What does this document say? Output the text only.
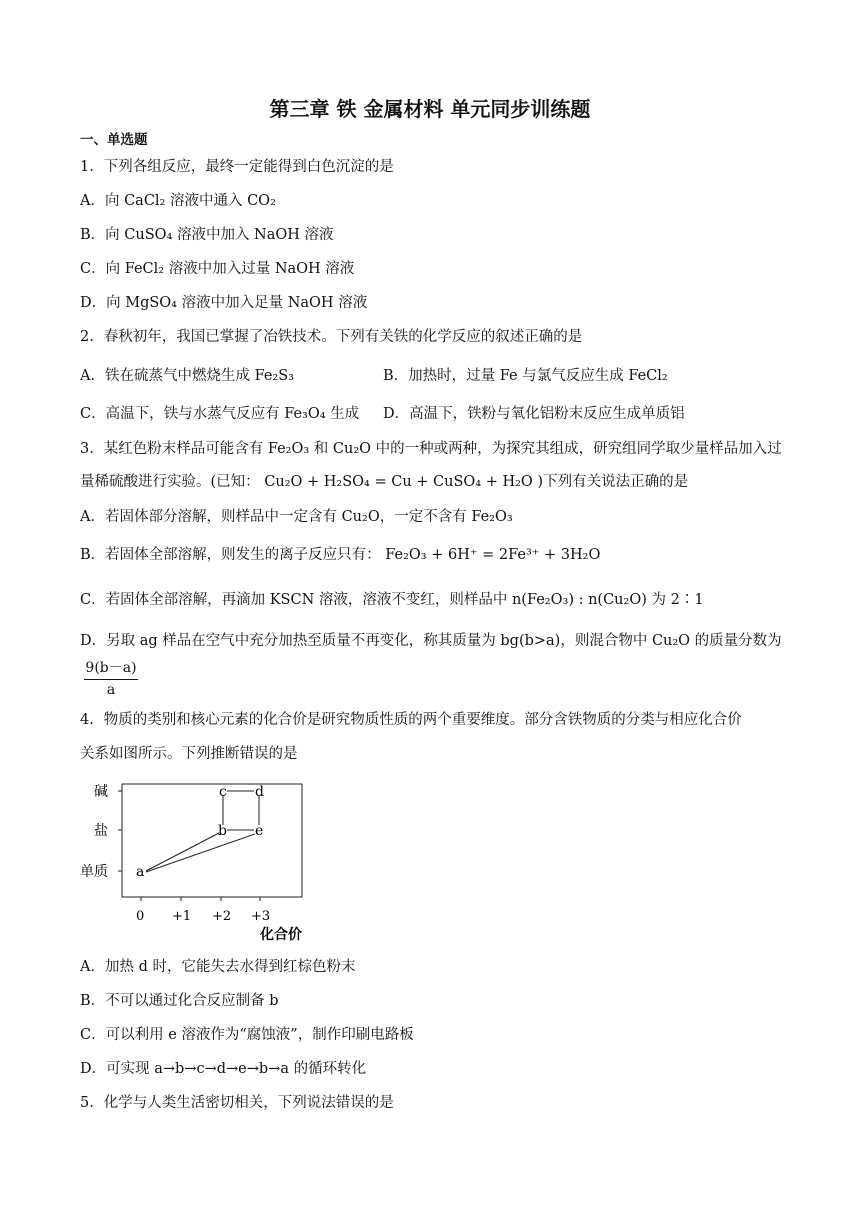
第三章 铁 金属材料 单元同步训练题
一、单选题
1．下列各组反应，最终一定能得到白色沉淀的是
A．向 CaCl₂ 溶液中通入 CO₂
B．向 CuSO₄ 溶液中加入 NaOH 溶液
C．向 FeCl₂ 溶液中加入过量 NaOH 溶液
D．向 MgSO₄ 溶液中加入足量 NaOH 溶液
2．春秋初年，我国已掌握了冶铁技术。下列有关铁的化学反应的叙述正确的是
A．铁在硫蒸气中燃烧生成 Fe₂S₃	B．加热时，过量 Fe 与氯气反应生成 FeCl₂
C．高温下，铁与水蒸气反应有 Fe₃O₄ 生成 D．高温下，铁粉与氧化铝粉末反应生成单质铝
3．某红色粉末样品可能含有 Fe₂O₃ 和 Cu₂O 中的一种或两种，为探究其组成，研究组同学取少量样品加入过
量稀硫酸进行实验。(已知： Cu₂O + H₂SO₄ = Cu + CuSO₄ + H₂O )下列有关说法正确的是
A．若固体部分溶解，则样品中一定含有 Cu₂O，一定不含有 Fe₂O₃
B．若固体全部溶解，则发生的离子反应只有： Fe₂O₃ + 6H⁺ = 2Fe³⁺ + 3H₂O
C．若固体全部溶解，再滴加 KSCN 溶液，溶液不变红，则样品中 n(Fe₂O₃) : n(Cu₂O) 为 2∶1
D．另取 ag 样品在空气中充分加热至质量不再变化，称其质量为 bg(b>a)，则混合物中 Cu₂O 的质量分数为
$\frac{9(b-a)}{a}$
4．物质的类别和核心元素的化合价是研究物质性质的两个重要维度。部分含铁物质的分类与相应化合价
关系如图所示。下列推断错误的是
碱
盐
单质
0 +1 +2 +3
化合价
c d
b e
a
A．加热 d 时，它能失去水得到红棕色粉末
B．不可以通过化合反应制备 b
C．可以利用 e 溶液作为“腐蚀液”，制作印刷电路板
D．可实现 a→b→c→d→e→b→a 的循环转化
5．化学与人类生活密切相关，下列说法错误的是
